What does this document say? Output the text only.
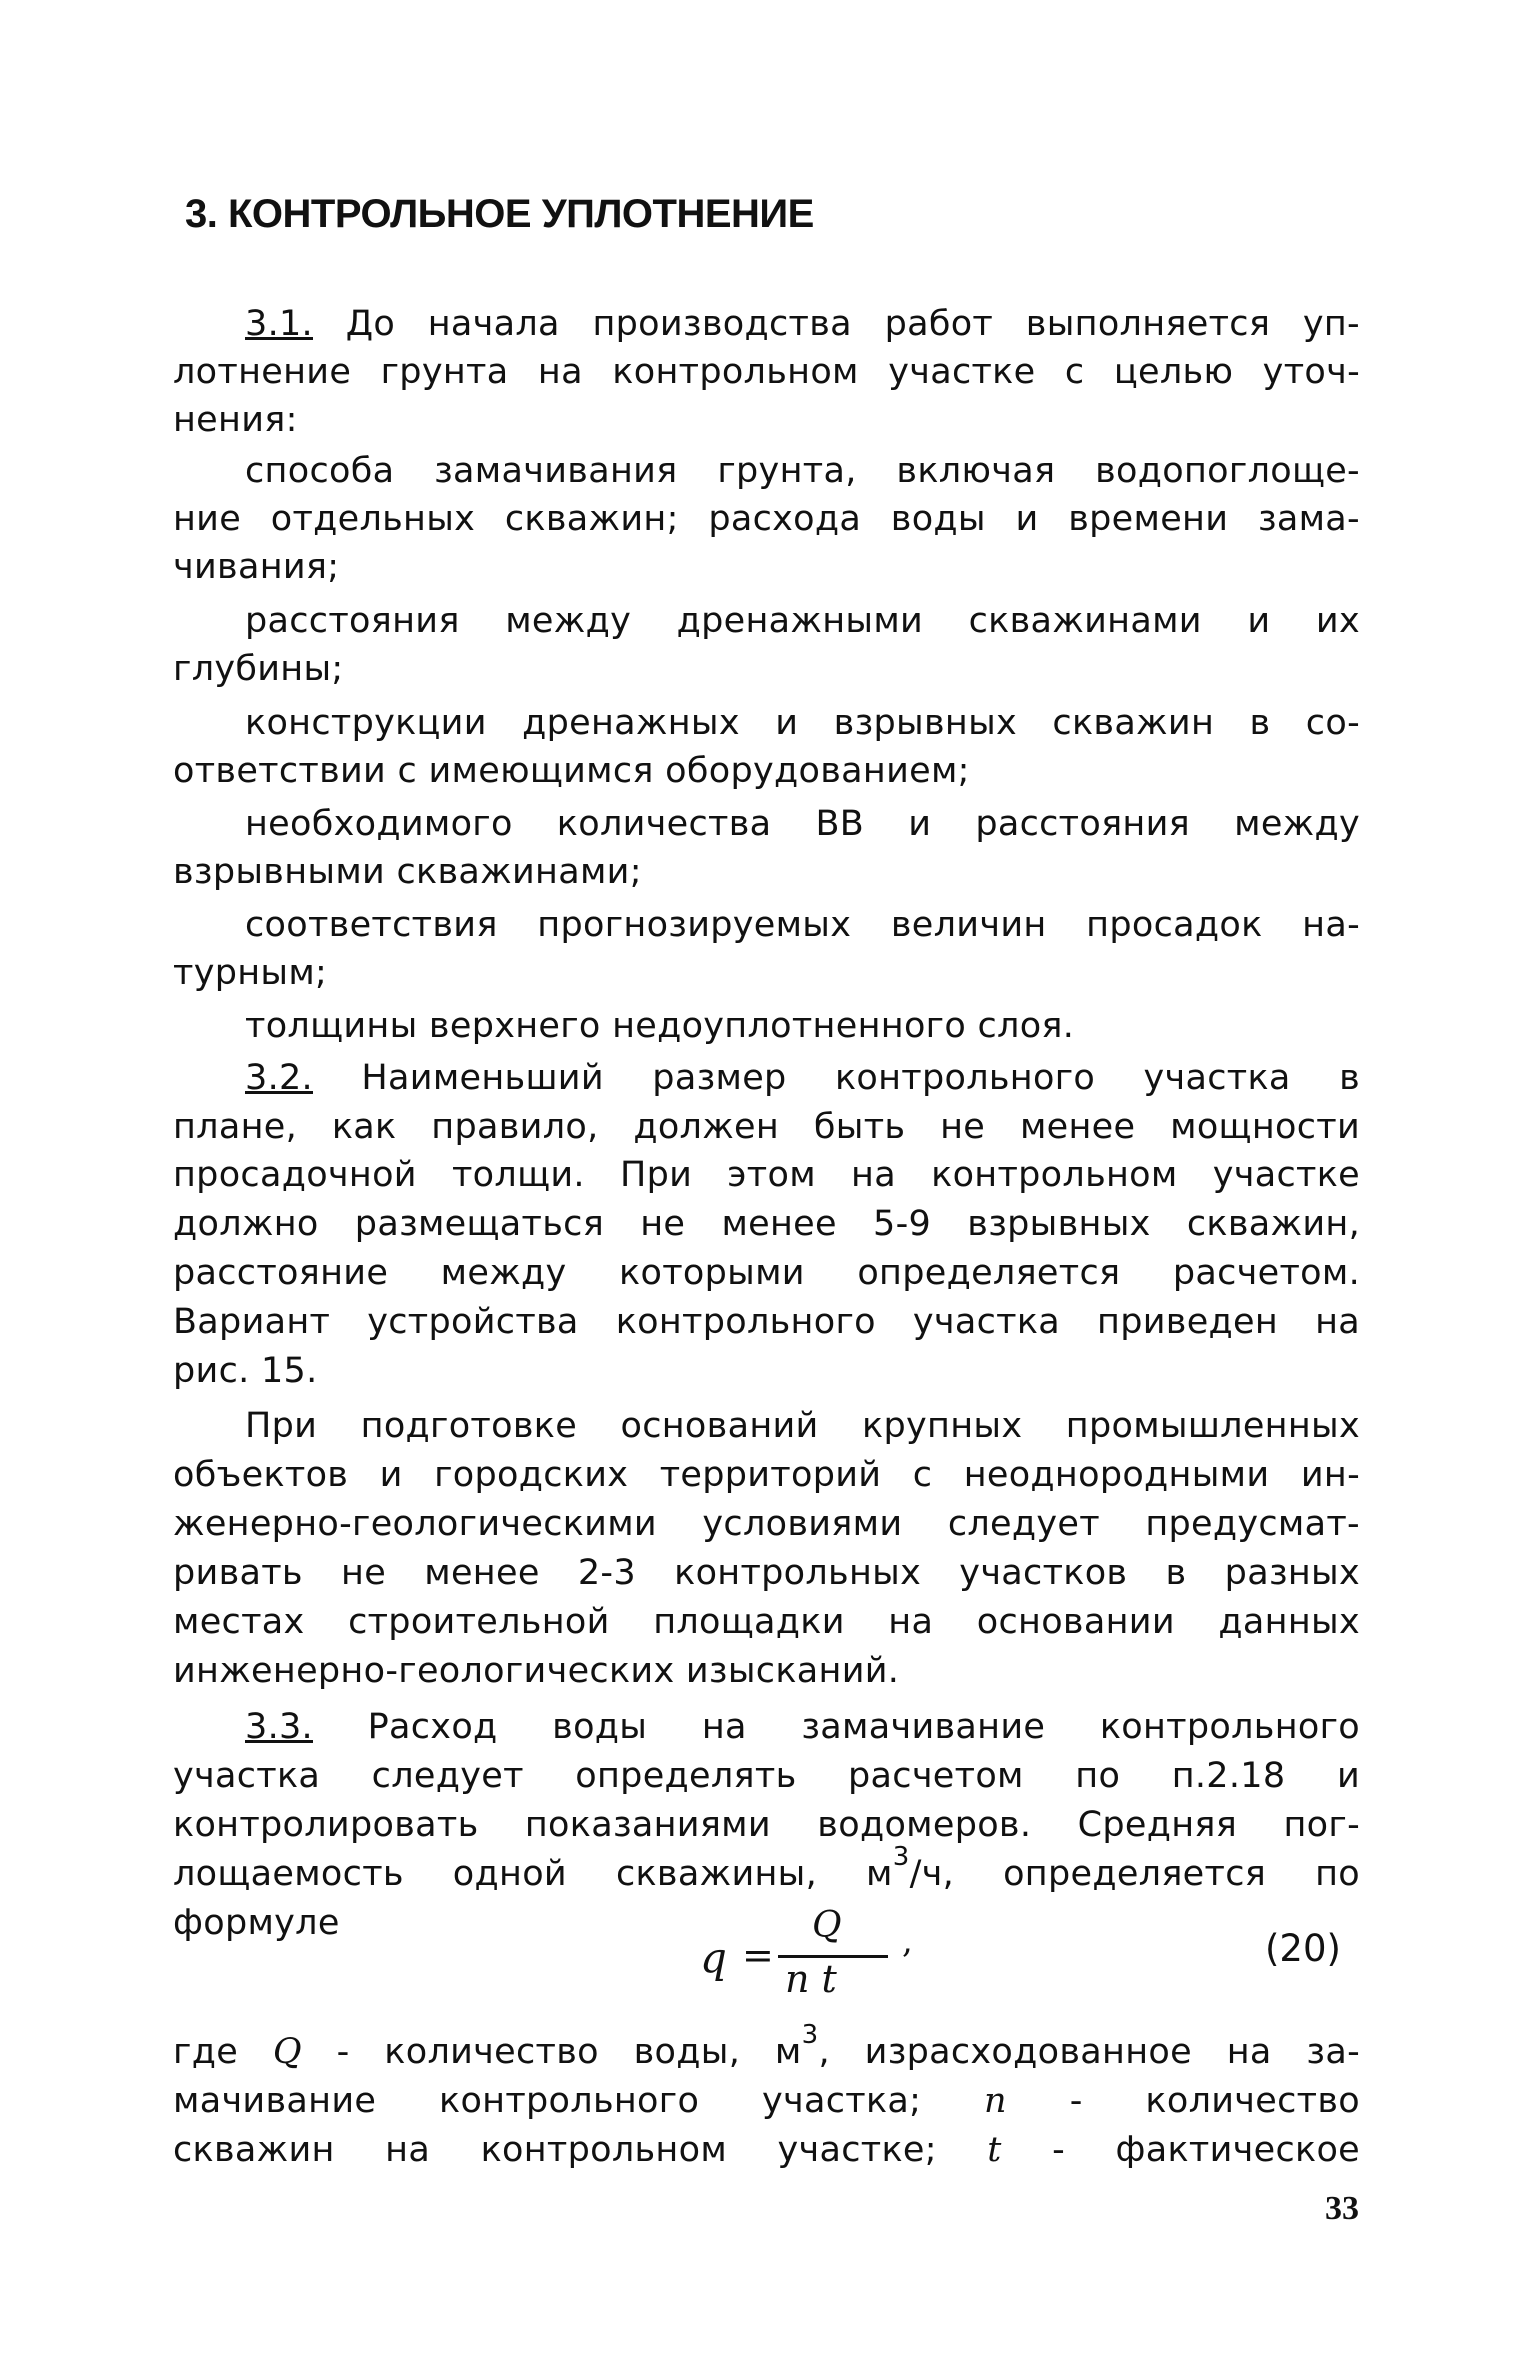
3. КОНТРОЛЬНОЕ УПЛОТНЕНИЕ
3.1. До начала производства работ выполняется уп-
лотнение грунта на контрольном участке с целью уточ-
нения:
способа замачивания грунта, включая водопоглоще-
ние отдельных скважин; расхода воды и времени зама-
чивания;
расстояния между дренажными скважинами и их
глубины;
конструкции дренажных и взрывных скважин в со-
ответствии с имеющимся оборудованием;
необходимого количества ВВ и расстояния между
взрывными скважинами;
соответствия прогнозируемых величин просадок на-
турным;
толщины верхнего недоуплотненного слоя.
3.2. Наименьший размер контрольного участка в
плане, как правило, должен быть не менее мощности
просадочной толщи. При этом на контрольном участке
должно размещаться не менее 5-9 взрывных скважин,
расстояние между которыми определяется расчетом.
Вариант устройства контрольного участка приведен на
рис. 15.
При подготовке оснований крупных промышленных
объектов и городских территорий с неоднородными ин-
женерно-геологическими условиями следует предусмат-
ривать не менее 2-3 контрольных участков в разных
местах строительной площадки на основании данных
инженерно-геологических изысканий.
3.3. Расход воды на замачивание контрольного
участка следует определять расчетом по п.2.18 и
контролировать показаниями водомеров. Средняя пог-
лощаемость одной скважины, $м^3/ч$, определяется по
формуле
q =
Q
n t
,	(20)
где Q - количество воды, $м^3$, израсходованное на за-
мачивание контрольного участка; n - количество
скважин на контрольном участке; t - фактическое
33
